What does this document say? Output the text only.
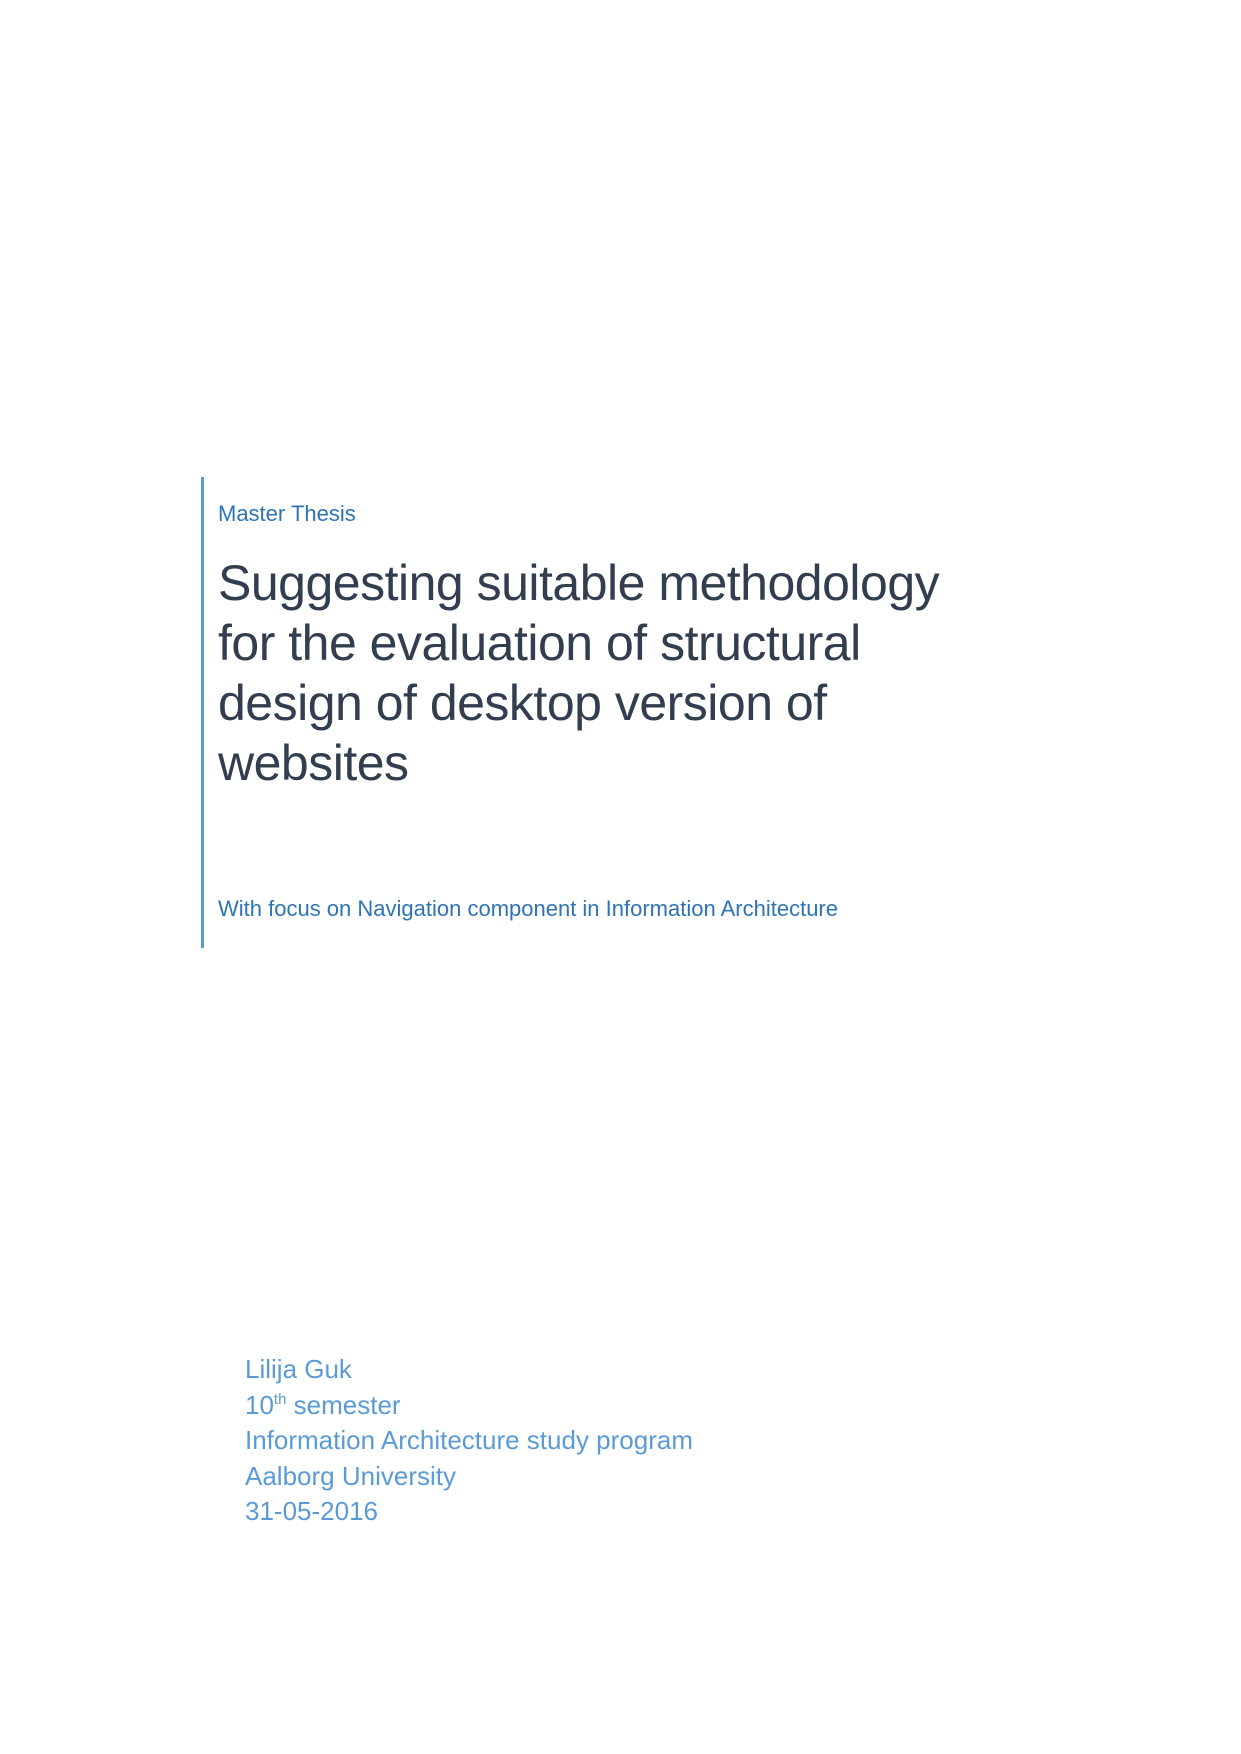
Master Thesis
Suggesting suitable methodology for the evaluation of structural design of desktop version of websites
With focus on Navigation component in Information Architecture
Lilija Guk
10th semester
Information Architecture study program
Aalborg University
31-05-2016
